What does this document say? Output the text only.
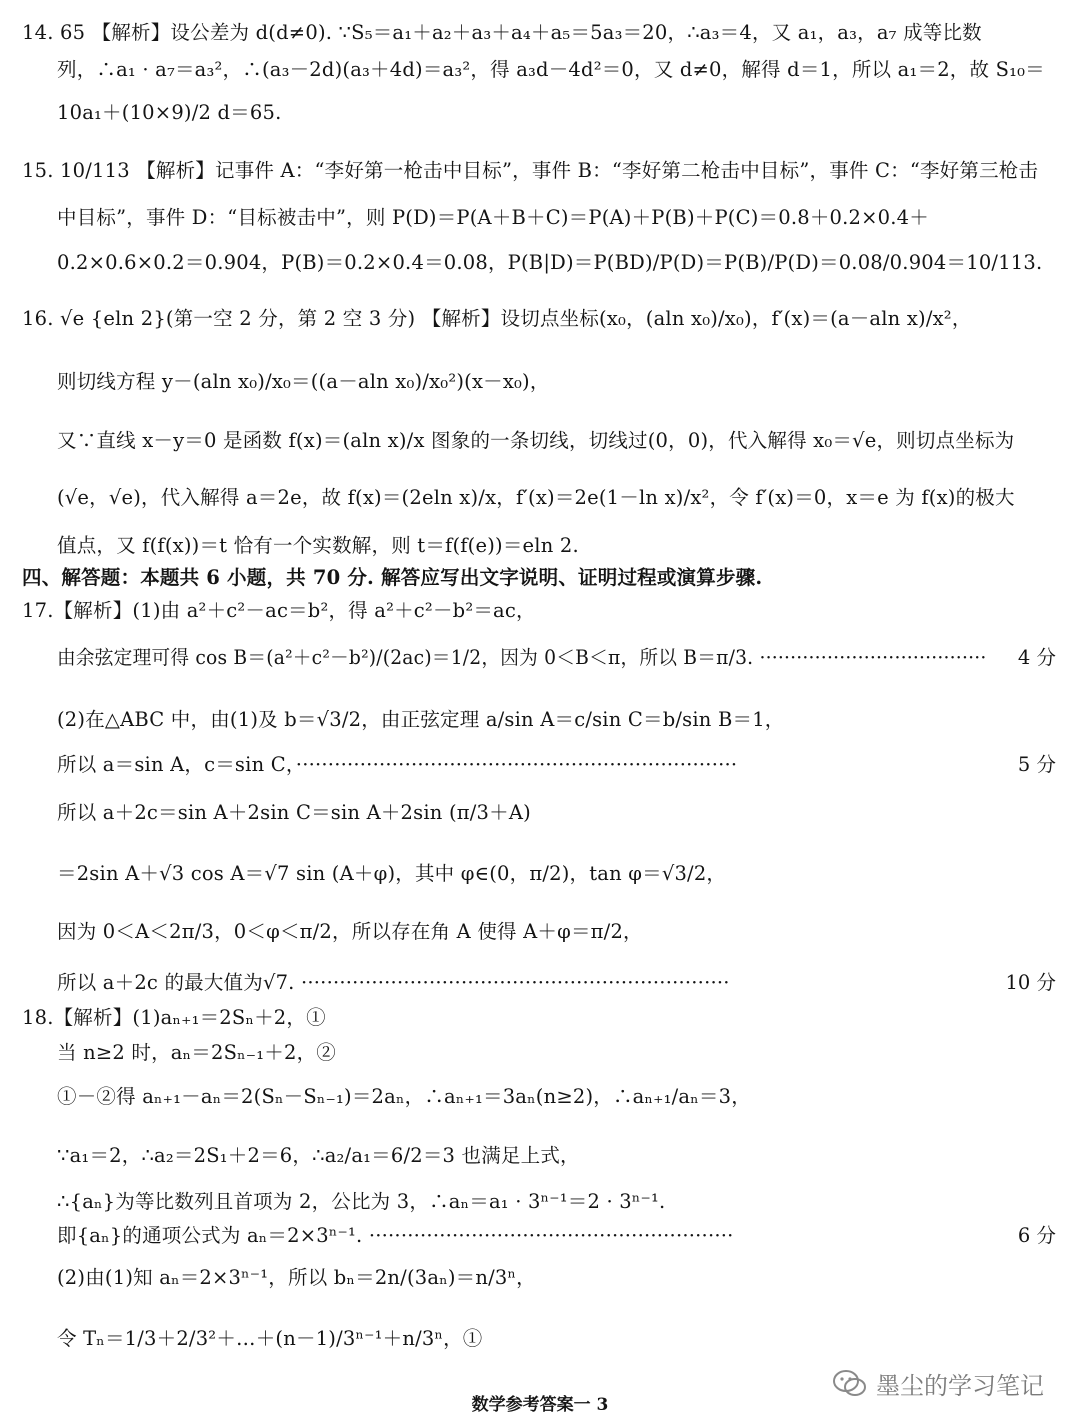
14. 65 【解析】设公差为 d(d≠0). ∵S₅＝a₁＋a₂＋a₃＋a₄＋a₅＝5a₃＝20，∴a₃＝4，又 a₁，a₃，a₇ 成等比数
列，∴a₁ · a₇＝a₃²，∴(a₃－2d)(a₃＋4d)＝a₃²，得 a₃d－4d²＝0，又 d≠0，解得 d＝1，所以 a₁＝2，故 S₁₀＝
10a₁＋(10×9)/2 d＝65.
15. 10/113 【解析】记事件 A：“李好第一枪击中目标”，事件 B：“李好第二枪击中目标”，事件 C：“李好第三枪击
中目标”，事件 D：“目标被击中”，则 P(D)＝P(A＋B＋C)＝P(A)＋P(B)＋P(C)＝0.8＋0.2×0.4＋
0.2×0.6×0.2＝0.904，P(B)＝0.2×0.4＝0.08，P(B|D)＝P(BD)/P(D)＝P(B)/P(D)＝0.08/0.904＝10/113.
16. √e {eln 2}(第一空 2 分，第 2 空 3 分) 【解析】设切点坐标(x₀，(aln x₀)/x₀)，f′(x)＝(a－aln x)/x²，
则切线方程 y－(aln x₀)/x₀＝((a－aln x₀)/x₀²)(x－x₀)，
又∵直线 x－y＝0 是函数 f(x)＝(aln x)/x 图象的一条切线，切线过(0，0)，代入解得 x₀＝√e，则切点坐标为
(√e，√e)，代入解得 a＝2e，故 f(x)＝(2eln x)/x，f′(x)＝2e(1－ln x)/x²，令 f′(x)＝0，x＝e 为 f(x)的极大
值点，又 f(f(x))＝t 恰有一个实数解，则 t＝f(f(e))＝eln 2.
四、解答题：本题共 6 小题，共 70 分. 解答应写出文字说明、证明过程或演算步骤.
17.【解析】(1)由 a²＋c²－ac＝b²，得 a²＋c²－b²＝ac，
由余弦定理可得 cos B＝(a²＋c²－b²)/(2ac)＝1/2，因为 0＜B＜π，所以 B＝π/3. ····································· 4 分
(2)在△ABC 中，由(1)及 b＝√3/2，由正弦定理 a/sin A＝c/sin C＝b/sin B＝1，
所以 a＝sin A，c＝sin C，·····································································	5 分
所以 a＋2c＝sin A＋2sin C＝sin A＋2sin (π/3＋A)
＝2sin A＋√3 cos A＝√7 sin (A＋φ)，其中 φ∈(0，π/2)，tan φ＝√3/2，
因为 0＜A＜2π/3，0＜φ＜π/2，所以存在角 A 使得 A＋φ＝π/2，
所以 a＋2c 的最大值为√7. ···································································	10 分
18.【解析】(1)aₙ₊₁＝2Sₙ＋2，①
当 n≥2 时，aₙ＝2Sₙ₋₁＋2，②
①－②得 aₙ₊₁－aₙ＝2(Sₙ－Sₙ₋₁)＝2aₙ，∴aₙ₊₁＝3aₙ(n≥2)，∴aₙ₊₁/aₙ＝3，
∵a₁＝2，∴a₂＝2S₁＋2＝6，∴a₂/a₁＝6/2＝3 也满足上式，
∴{aₙ}为等比数列且首项为 2，公比为 3，∴aₙ＝a₁ · 3ⁿ⁻¹＝2 · 3ⁿ⁻¹.
即{aₙ}的通项公式为 aₙ＝2×3ⁿ⁻¹. ·························································	6 分
(2)由(1)知 aₙ＝2×3ⁿ⁻¹，所以 bₙ＝2n/(3aₙ)＝n/3ⁿ，
令 Tₙ＝1/3＋2/3²＋…＋(n－1)/3ⁿ⁻¹＋n/3ⁿ，①
数学参考答案一 3
墨尘的学习笔记
